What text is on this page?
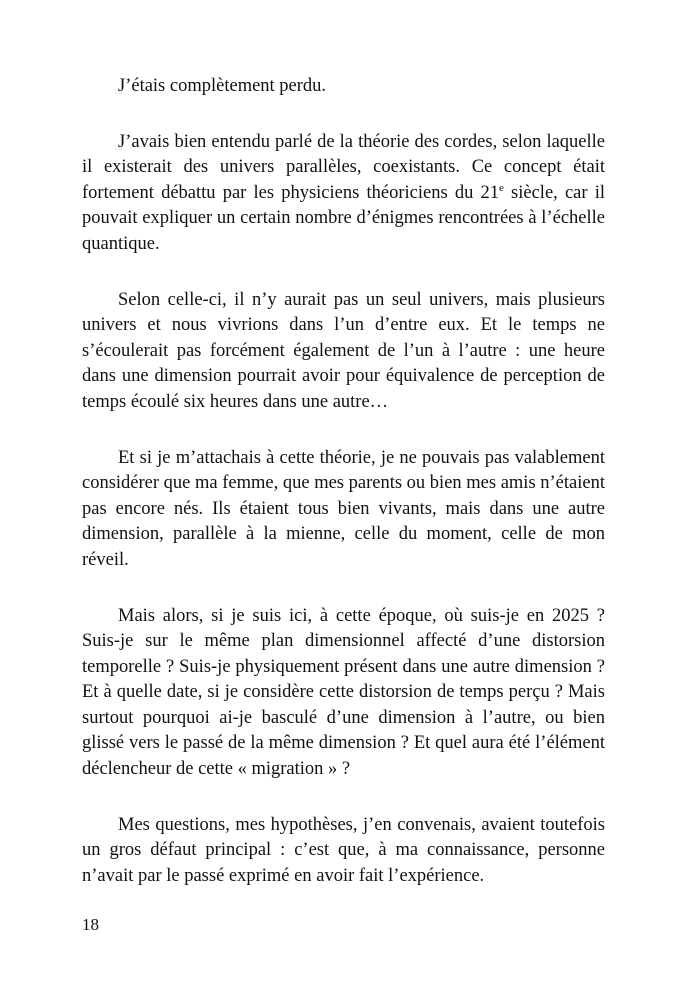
J’étais complètement perdu.

J’avais bien entendu parlé de la théorie des cordes, selon laquelle il existerait des univers parallèles, coexistants. Ce concept était fortement débattu par les physiciens théoriciens du 21e siècle, car il pouvait expliquer un certain nombre d’énigmes rencontrées à l’échelle quantique.

Selon celle-ci, il n’y aurait pas un seul univers, mais plusieurs univers et nous vivrions dans l’un d’entre eux. Et le temps ne s’écoulerait pas forcément également de l’un à l’autre : une heure dans une dimension pourrait avoir pour équivalence de perception de temps écoulé six heures dans une autre…

Et si je m’attachais à cette théorie, je ne pouvais pas valablement considérer que ma femme, que mes parents ou bien mes amis n’étaient pas encore nés. Ils étaient tous bien vivants, mais dans une autre dimension, parallèle à la mienne, celle du moment, celle de mon réveil.

Mais alors, si je suis ici, à cette époque, où suis-je en 2025 ? Suis-je sur le même plan dimensionnel affecté d’une distorsion temporelle ? Suis-je physiquement présent dans une autre dimension ? Et à quelle date, si je considère cette distorsion de temps perçu ? Mais surtout pourquoi ai-je basculé d’une dimension à l’autre, ou bien glissé vers le passé de la même dimension ? Et quel aura été l’élément déclencheur de cette « migration » ?

Mes questions, mes hypothèses, j’en convenais, avaient toutefois un gros défaut principal : c’est que, à ma connaissance, personne n’avait par le passé exprimé en avoir fait l’expérience.

18
